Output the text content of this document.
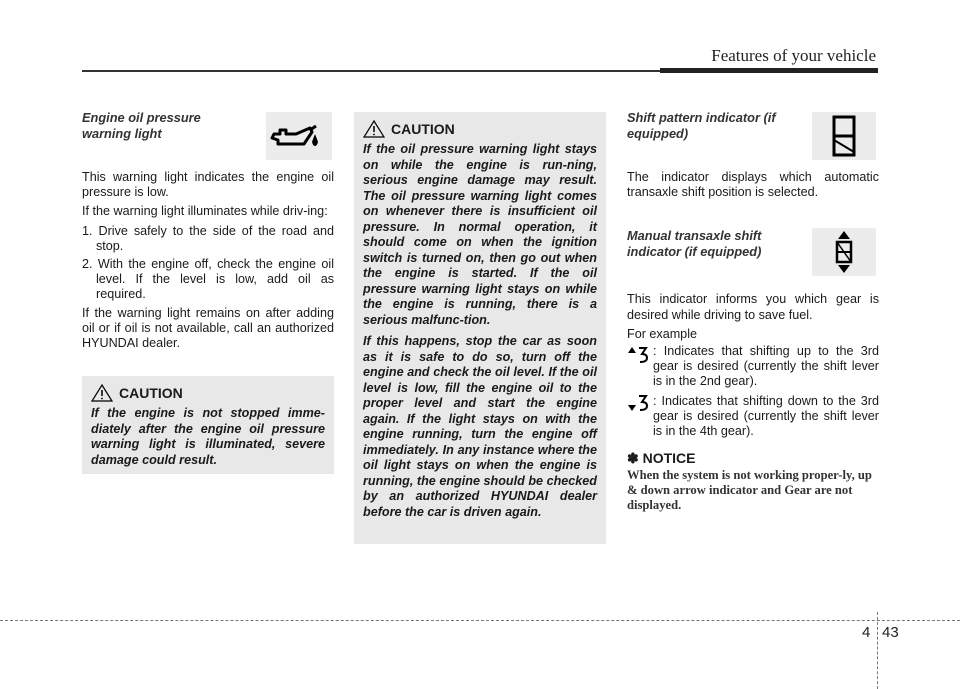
Features of your vehicle
Engine oil pressure warning light

This warning light indicates the engine oil pressure is low.

If the warning light illuminates while driv-ing:

1. Drive safely to the side of the road and stop.
2. With the engine off, check the engine oil level. If the level is low, add oil as required.

If the warning light remains on after adding oil or if oil is not available, call an authorized HYUNDAI dealer.

CAUTION
If the engine is not stopped imme-diately after the engine oil pressure warning light is illuminated, severe damage could result.
CAUTION
If the oil pressure warning light stays on while the engine is run-ning, serious engine damage may result. The oil pressure warning light comes on whenever there is insufficient oil pressure. In normal operation, it should come on when the ignition switch is turned on, then go out when the engine is started. If the oil pressure warning light stays on while the engine is running, there is a serious malfunc-tion.
If this happens, stop the car as soon as it is safe to do so, turn off the engine and check the oil level. If the oil level is low, fill the engine oil to the proper level and start the engine again. If the light stays on with the engine running, turn the engine off immediately. In any instance where the oil light stays on when the engine is running, the engine should be checked by an authorized HYUNDAI dealer before the car is driven again.
Shift pattern indicator (if equipped)

The indicator displays which automatic transaxle shift position is selected.

Manual transaxle shift indicator (if equipped)

This indicator informs you which gear is desired while driving to save fuel.

For example

: Indicates that shifting up to the 3rd gear is desired (currently the shift lever is in the 2nd gear).
: Indicates that shifting down to the 3rd gear is desired (currently the shift lever is in the 4th gear).
✽ NOTICE
When the system is not working proper-ly, up & down arrow indicator and Gear are not displayed.
4 43
